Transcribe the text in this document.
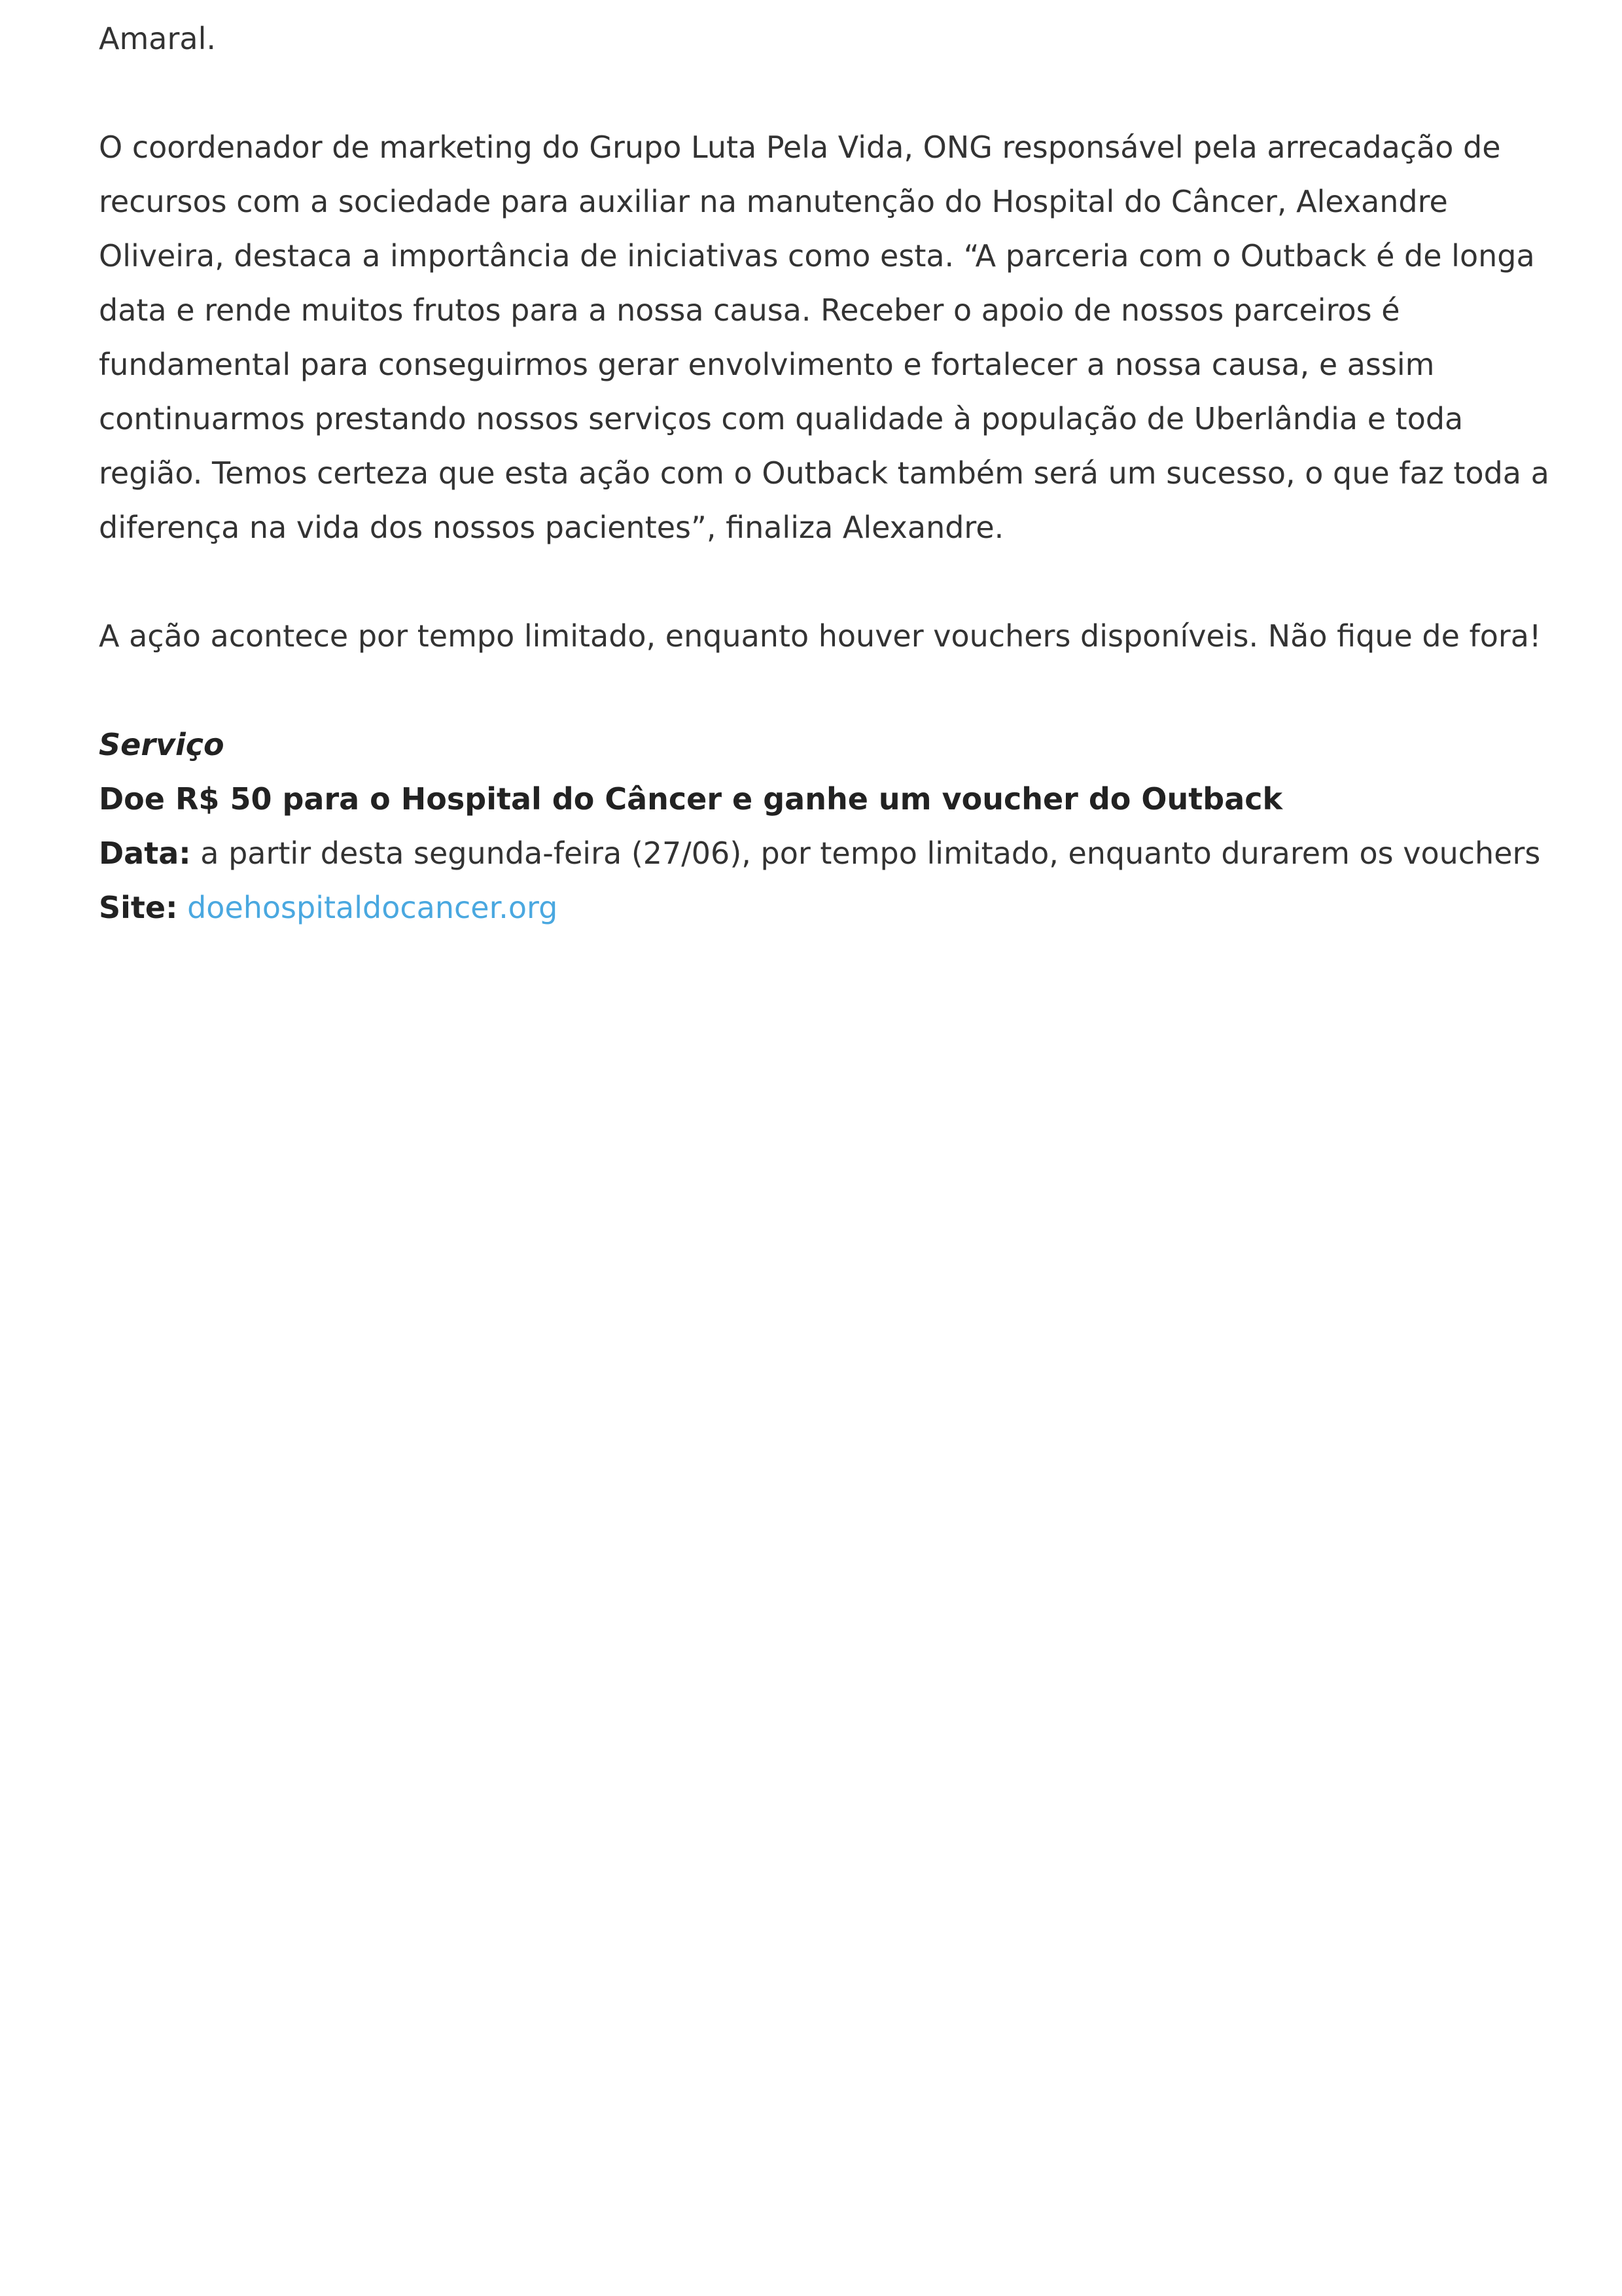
Amaral.

O coordenador de marketing do Grupo Luta Pela Vida, ONG responsável pela arrecadação de recursos com a sociedade para auxiliar na manutenção do Hospital do Câncer, Alexandre Oliveira, destaca a importância de iniciativas como esta. “A parceria com o Outback é de longa data e rende muitos frutos para a nossa causa. Receber o apoio de nossos parceiros é fundamental para conseguirmos gerar envolvimento e fortalecer a nossa causa, e assim continuarmos prestando nossos serviços com qualidade à população de Uberlândia e toda região. Temos certeza que esta ação com o Outback também será um sucesso, o que faz toda a diferença na vida dos nossos pacientes”, finaliza Alexandre.

A ação acontece por tempo limitado, enquanto houver vouchers disponíveis. Não fique de fora!

Serviço

Doe R$ 50 para o Hospital do Câncer e ganhe um voucher do Outback

Data: a partir desta segunda-feira (27/06), por tempo limitado, enquanto durarem os vouchers

Site: doehospitaldocancer.org
